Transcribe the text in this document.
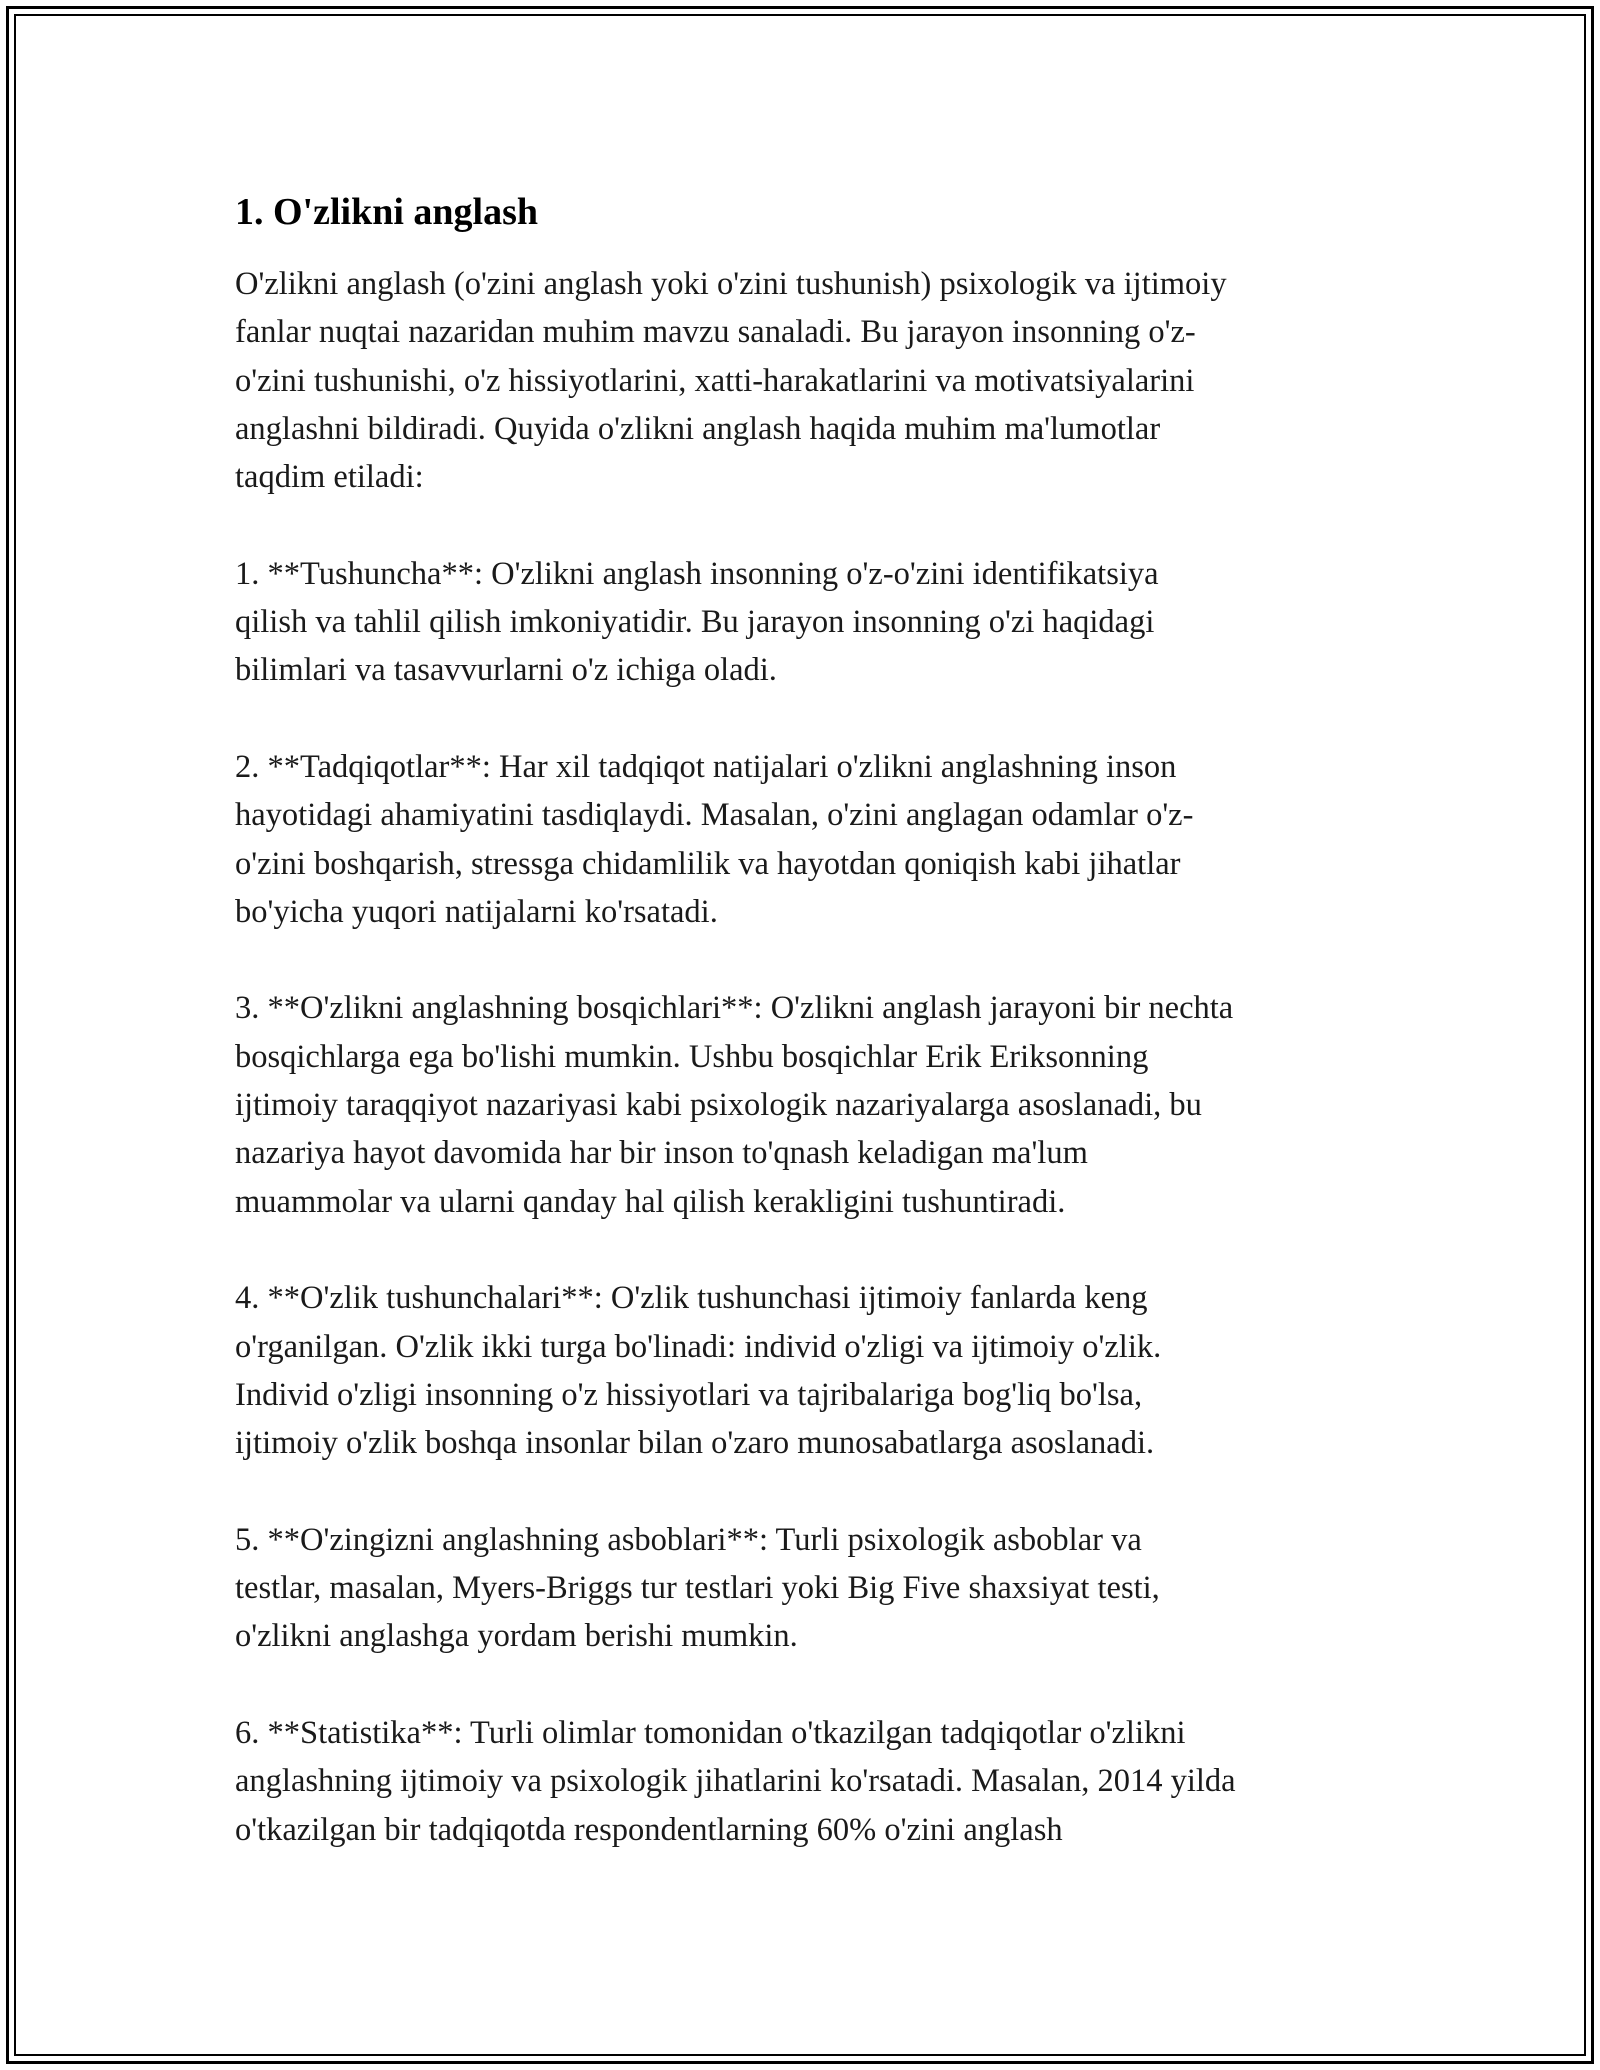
1. O'zlikni anglash

O'zlikni anglash (o'zini anglash yoki o'zini tushunish) psixologik va ijtimoiy
fanlar nuqtai nazaridan muhim mavzu sanaladi. Bu jarayon insonning o'z-
o'zini tushunishi, o'z hissiyotlarini, xatti-harakatlarini va motivatsiyalarini
anglashni bildiradi. Quyida o'zlikni anglash haqida muhim ma'lumotlar
taqdim etiladi:

1. **Tushuncha**: O'zlikni anglash insonning o'z-o'zini identifikatsiya
qilish va tahlil qilish imkoniyatidir. Bu jarayon insonning o'zi haqidagi
bilimlari va tasavvurlarni o'z ichiga oladi.

2. **Tadqiqotlar**: Har xil tadqiqot natijalari o'zlikni anglashning inson
hayotidagi ahamiyatini tasdiqlaydi. Masalan, o'zini anglagan odamlar o'z-
o'zini boshqarish, stressga chidamlilik va hayotdan qoniqish kabi jihatlar
bo'yicha yuqori natijalarni ko'rsatadi.

3. **O'zlikni anglashning bosqichlari**: O'zlikni anglash jarayoni bir nechta
bosqichlarga ega bo'lishi mumkin. Ushbu bosqichlar Erik Eriksonning
ijtimoiy taraqqiyot nazariyasi kabi psixologik nazariyalarga asoslanadi, bu
nazariya hayot davomida har bir inson to'qnash keladigan ma'lum
muammolar va ularni qanday hal qilish kerakligini tushuntiradi.

4. **O'zlik tushunchalari**: O'zlik tushunchasi ijtimoiy fanlarda keng
o'rganilgan. O'zlik ikki turga bo'linadi: individ o'zligi va ijtimoiy o'zlik.
Individ o'zligi insonning o'z hissiyotlari va tajribalariga bog'liq bo'lsa,
ijtimoiy o'zlik boshqa insonlar bilan o'zaro munosabatlarga asoslanadi.

5. **O'zingizni anglashning asboblari**: Turli psixologik asboblar va
testlar, masalan, Myers-Briggs tur testlari yoki Big Five shaxsiyat testi,
o'zlikni anglashga yordam berishi mumkin.

6. **Statistika**: Turli olimlar tomonidan o'tkazilgan tadqiqotlar o'zlikni
anglashning ijtimoiy va psixologik jihatlarini ko'rsatadi. Masalan, 2014 yilda
o'tkazilgan bir tadqiqotda respondentlarning 60% o'zini anglash
